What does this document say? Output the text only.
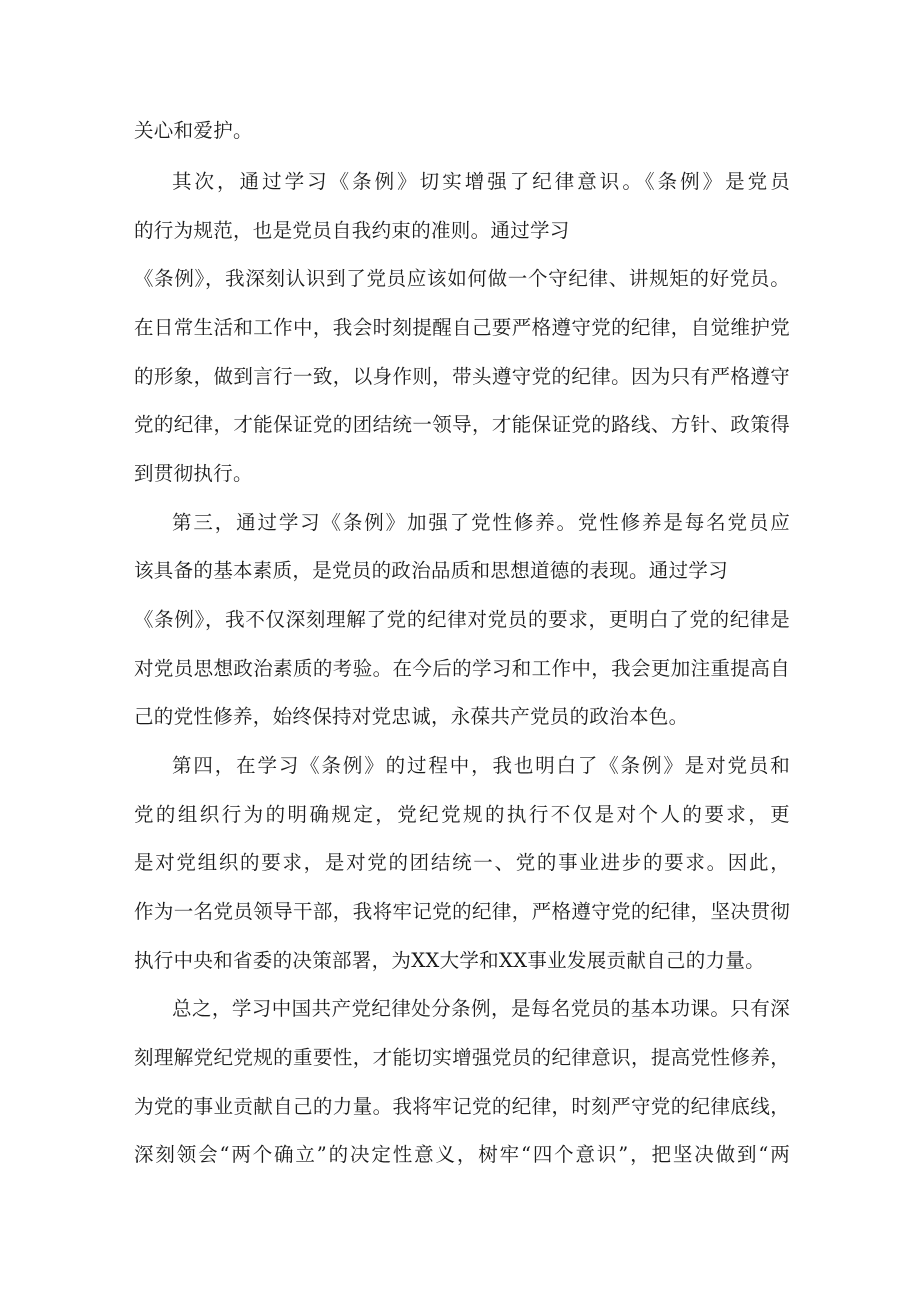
关心和爱护。
其次，通过学习《条例》切实增强了纪律意识。《条例》是党员
的行为规范，也是党员自我约束的准则。通过学习
《条例》，我深刻认识到了党员应该如何做一个守纪律、讲规矩的好党员。
在日常生活和工作中，我会时刻提醒自己要严格遵守党的纪律，自觉维护党
的形象，做到言行一致，以身作则，带头遵守党的纪律。因为只有严格遵守
党的纪律，才能保证党的团结统一领导，才能保证党的路线、方针、政策得
到贯彻执行。
第三，通过学习《条例》加强了党性修养。党性修养是每名党员应
该具备的基本素质，是党员的政治品质和思想道德的表现。通过学习
《条例》，我不仅深刻理解了党的纪律对党员的要求，更明白了党的纪律是
对党员思想政治素质的考验。在今后的学习和工作中，我会更加注重提高自
己的党性修养，始终保持对党忠诚，永葆共产党员的政治本色。
第四，在学习《条例》的过程中，我也明白了《条例》是对党员和
党的组织行为的明确规定，党纪党规的执行不仅是对个人的要求，更
是对党组织的要求，是对党的团结统一、党的事业进步的要求。因此，
作为一名党员领导干部，我将牢记党的纪律，严格遵守党的纪律，坚决贯彻
执行中央和省委的决策部署，为XX大学和XX事业发展贡献自己的力量。
总之，学习中国共产党纪律处分条例，是每名党员的基本功课。只有深
刻理解党纪党规的重要性，才能切实增强党员的纪律意识，提高党性修养，
为党的事业贡献自己的力量。我将牢记党的纪律，时刻严守党的纪律底线，
深刻领会“两个确立”的决定性意义，树牢“四个意识”，把坚决做到“两
